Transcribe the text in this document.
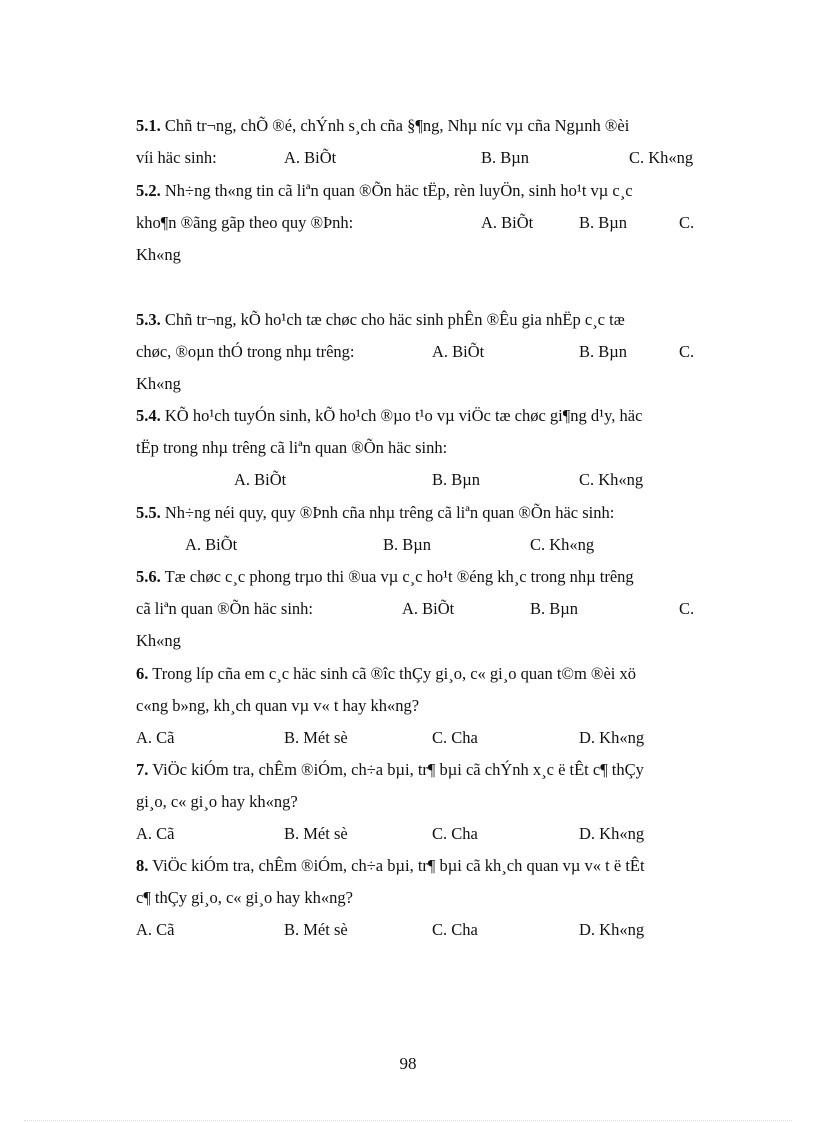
5.1. Chñ tr¬ng, chÕ ®é, chÝnh s¸ch cña §¶ng, Nhµ níc vµ cña Ngµnh ®èi
víi häc sinh:	A. BiÕt	B. Bµn	C. Kh«ng
5.2. Nh÷ng th«ng tin cã liªn quan ®Õn häc tËp, rèn luyÖn, sinh ho¹t vµ c¸c
kho¶n ®ãng gãp theo quy ®Þnh:	A. BiÕt	B. Bµn	C.
Kh«ng
5.3. Chñ tr¬ng, kÕ ho¹ch tæ chøc cho häc sinh phÊn ®Êu gia nhËp c¸c tæ
chøc, ®oµn thÓ trong nhµ trêng:	A. BiÕt	B. Bµn	C.
Kh«ng
5.4. KÕ ho¹ch tuyÓn sinh, kÕ ho¹ch ®µo t¹o vµ viÖc tæ chøc gi¶ng d¹y, häc
tËp trong nhµ trêng cã liªn quan ®Õn häc sinh:
A. BiÕt	B. Bµn	C. Kh«ng
5.5. Nh÷ng néi quy, quy ®Þnh cña nhµ trêng cã liªn quan ®Õn häc sinh:
A. BiÕt	B. Bµn	C. Kh«ng
5.6. Tæ chøc c¸c phong trµo thi ®ua vµ c¸c ho¹t ®éng kh¸c trong nhµ trêng
cã liªn quan ®Õn häc sinh:	A. BiÕt	B. Bµn	C.
Kh«ng
6. Trong líp cña em c¸c häc sinh cã ®îc thÇy gi¸o, c« gi¸o quan t©m ®èi xö
c«ng b»ng, kh¸ch quan vµ v« t hay kh«ng?
A. Cã	B. Mét sè	C. Cha	D. Kh«ng
7. ViÖc kiÓm tra, chÊm ®iÓm, ch÷a bµi, tr¶ bµi cã chÝnh x¸c ë tÊt c¶ thÇy
gi¸o, c« gi¸o hay kh«ng?
A. Cã	B. Mét sè	C. Cha	D. Kh«ng
8. ViÖc kiÓm tra, chÊm ®iÓm, ch÷a bµi, tr¶ bµi cã kh¸ch quan vµ v« t ë tÊt
c¶ thÇy gi¸o, c« gi¸o hay kh«ng?
A. Cã	B. Mét sè	C. Cha	D. Kh«ng
98
